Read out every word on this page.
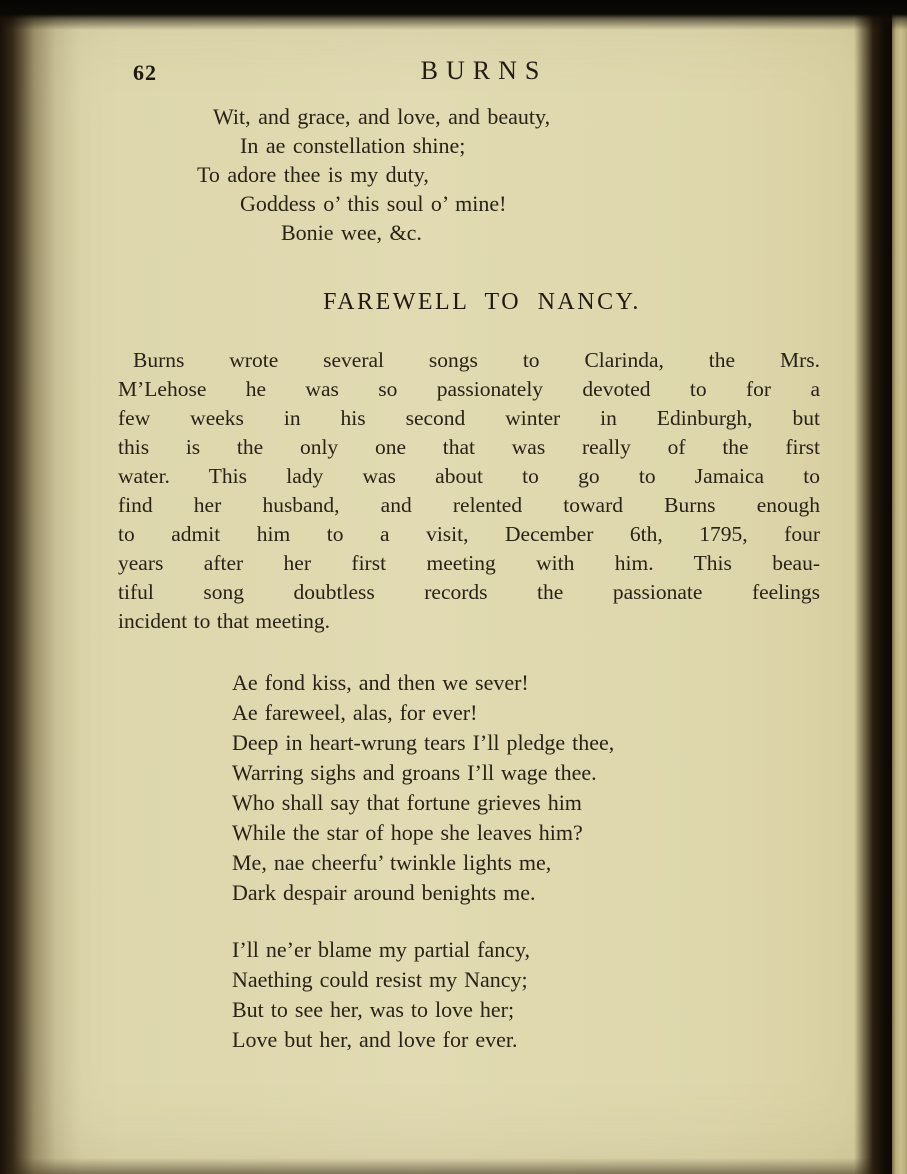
62	BURNS
Wit, and grace, and love, and beauty,
In ae constellation shine;
To adore thee is my duty,
Goddess o’ this soul o’ mine!
Bonie wee, &c.
FAREWELL TO NANCY.
Burns wrote several songs to Clarinda, the Mrs.
M’Lehose he was so passionately devoted to for a
few weeks in his second winter in Edinburgh, but
this is the only one that was really of the first
water. This lady was about to go to Jamaica to
find her husband, and relented toward Burns enough
to admit him to a visit, December 6th, 1795, four
years after her first meeting with him. This beau-
tiful song doubtless records the passionate feelings
incident to that meeting.
Ae fond kiss, and then we sever!
Ae fareweel, alas, for ever!
Deep in heart-wrung tears I’ll pledge thee,
Warring sighs and groans I’ll wage thee.
Who shall say that fortune grieves him
While the star of hope she leaves him?
Me, nae cheerfu’ twinkle lights me,
Dark despair around benights me.
I’ll ne’er blame my partial fancy,
Naething could resist my Nancy;
But to see her, was to love her;
Love but her, and love for ever.
